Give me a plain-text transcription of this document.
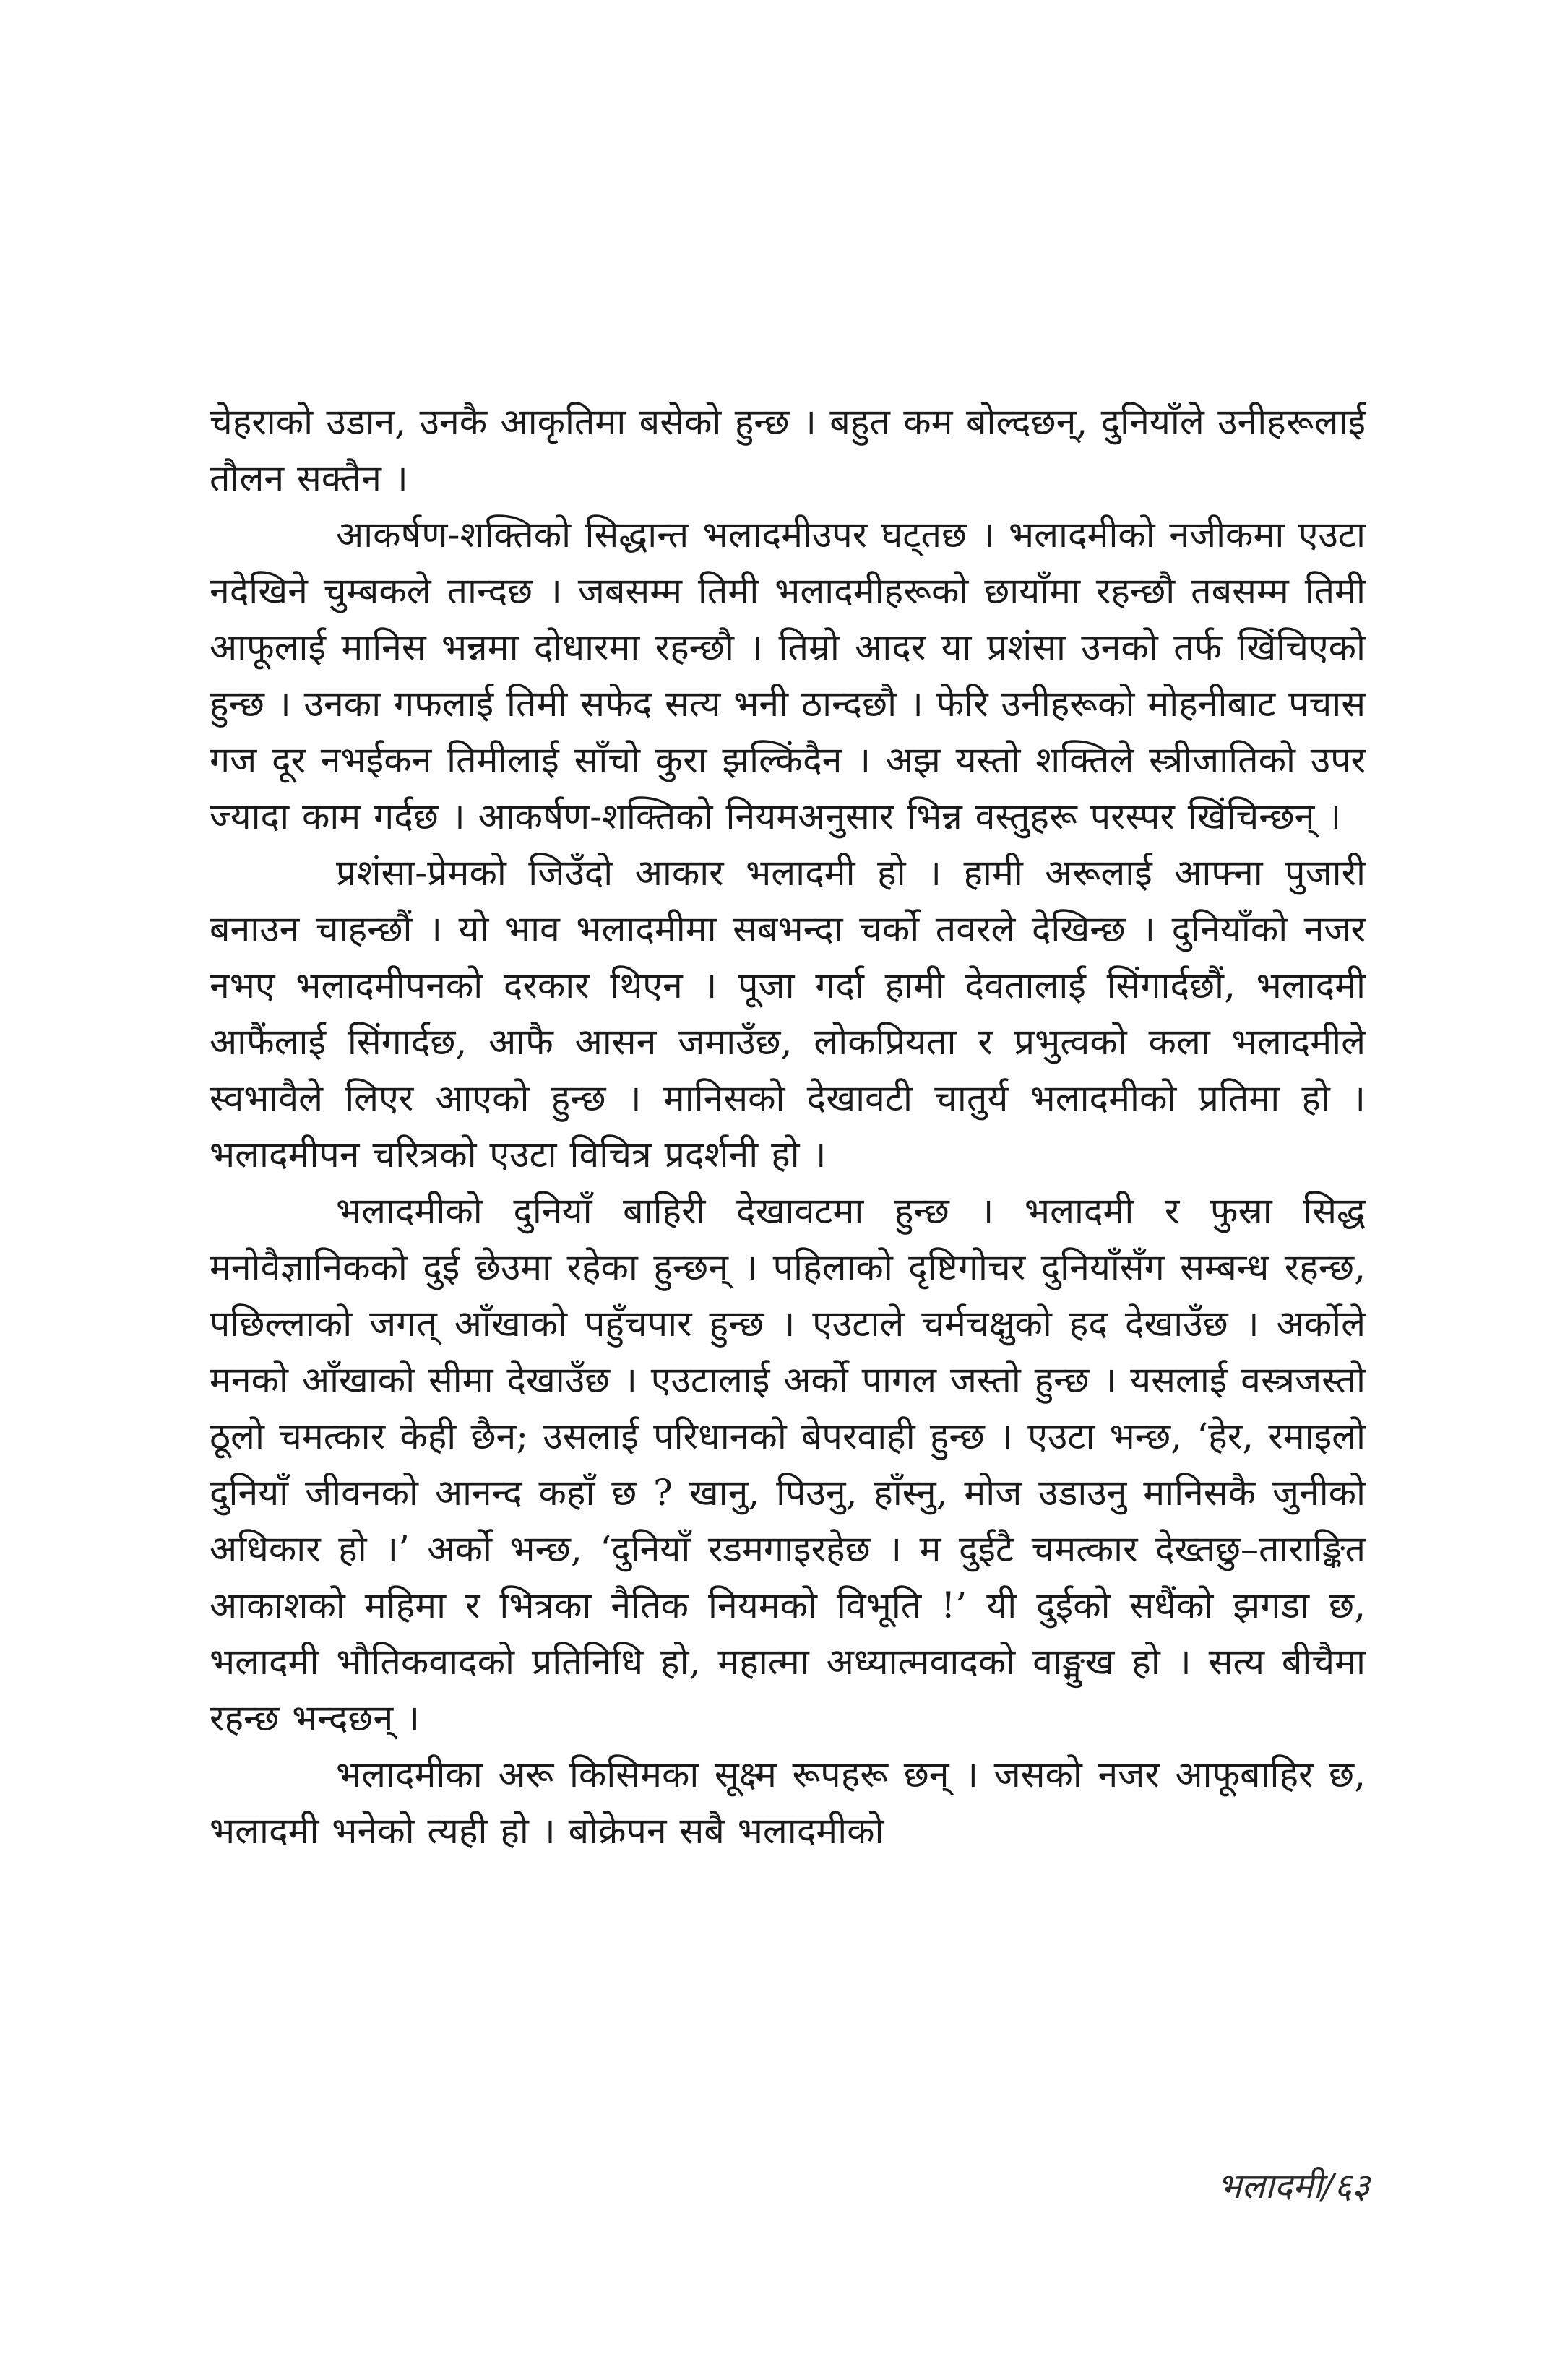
चेहराको उडान, उनकै आकृतिमा बसेको हुन्छ । बहुत कम बोल्दछन्, दुनियाँले उनीहरूलाई तौलन सक्तैन ।

आकर्षण-शक्तिको सिद्धान्त भलादमीउपर घट्तछ । भलादमीको नजीकमा एउटा नदेखिने चुम्बकले तान्दछ । जबसम्म तिमी भलादमीहरूको छायाँमा रहन्छौ तबसम्म तिमी आफूलाई मानिस भन्नमा दोधारमा रहन्छौ । तिम्रो आदर या प्रशंसा उनको तर्फ खिंचिएको हुन्छ । उनका गफलाई तिमी सफेद सत्य भनी ठान्दछौ । फेरि उनीहरूको मोहनीबाट पचास गज दूर नभईकन तिमीलाई साँचो कुरा झल्किंदैन । अझ यस्तो शक्तिले स्त्रीजातिको उपर ज्यादा काम गर्दछ । आकर्षण-शक्तिको नियमअनुसार भिन्न वस्तुहरू परस्पर खिंचिन्छन् ।

प्रशंसा-प्रेमको जिउँदो आकार भलादमी हो । हामी अरूलाई आफ्ना पुजारी बनाउन चाहन्छौं । यो भाव भलादमीमा सबभन्दा चर्को तवरले देखिन्छ । दुनियाँको नजर नभए भलादमीपनको दरकार थिएन । पूजा गर्दा हामी देवतालाई सिंगार्दछौं, भलादमी आफैंलाई सिंगार्दछ, आफै आसन जमाउँछ, लोकप्रियता र प्रभुत्वको कला भलादमीले स्वभावैले लिएर आएको हुन्छ । मानिसको देखावटी चातुर्य भलादमीको प्रतिमा हो । भलादमीपन चरित्रको एउटा विचित्र प्रदर्शनी हो ।

भलादमीको दुनियाँ बाहिरी देखावटमा हुन्छ । भलादमी र फुस्रा सिद्ध मनोवैज्ञानिकको दुई छेउमा रहेका हुन्छन् । पहिलाको दृष्टिगोचर दुनियाँसँग सम्बन्ध रहन्छ, पछिल्लाको जगत् आँखाको पहुँचपार हुन्छ । एउटाले चर्मचक्षुको हद देखाउँछ । अर्कोले मनको आँखाको सीमा देखाउँछ । एउटालाई अर्को पागल जस्तो हुन्छ । यसलाई वस्त्रजस्तो ठूलो चमत्कार केही छैन; उसलाई परिधानको बेपरवाही हुन्छ । एउटा भन्छ, ‘हेर, रमाइलो दुनियाँ जीवनको आनन्द कहाँ छ ? खानु, पिउनु, हाँस्नु, मोज उडाउनु मानिसकै जुनीको अधिकार हो ।’ अर्को भन्छ, ‘दुनियाँ रडमगाइरहेछ । म दुईटै चमत्कार देख्तछु–ताराङ्कित आकाशको महिमा र भित्रका नैतिक नियमको विभूति !’ यी दुईको सधैंको झगडा छ, भलादमी भौतिकवादको प्रतिनिधि हो, महात्मा अध्यात्मवादको वाङ्मुख हो । सत्य बीचैमा रहन्छ भन्दछन् ।

भलादमीका अरू किसिमका सूक्ष्म रूपहरू छन् । जसको नजर आफूबाहिर छ, भलादमी भनेको त्यही हो । बोक्रेपन सबै भलादमीको

भलादमी/६३
